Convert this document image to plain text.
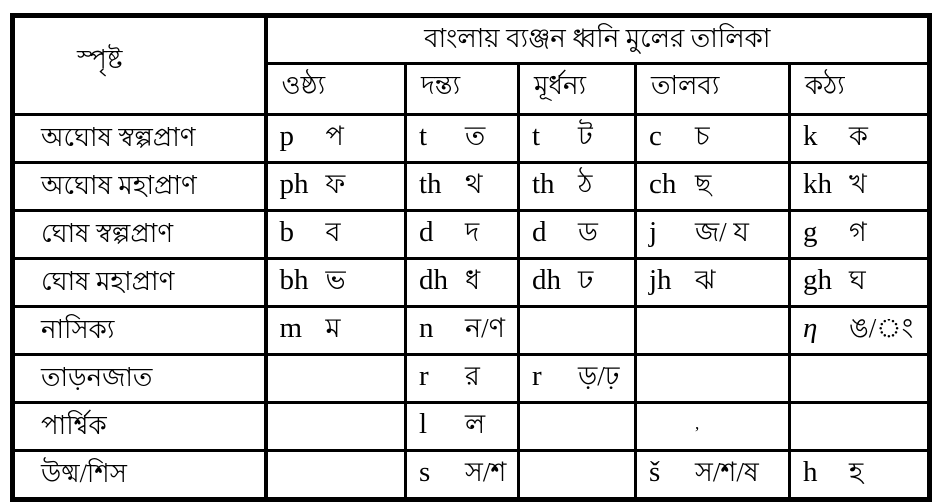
স্পৃষ্ট	বাংলায় ব্যঞ্জন ধ্বনি মুলের তালিকা				
	ওষ্ঠ্য	দন্ত্য	মূর্ধন্য	তালব্য	কঠ্য
অঘোষ স্বল্পপ্রাণ	p প	t ত	t ট	c চ	k ক
অঘোষ মহাপ্রাণ	ph ফ	th থ	th ঠ	ch ছ	kh খ
ঘোষ স্বল্পপ্রাণ	b ব	d দ	d ড	j জ/ য	g গ
ঘোষ মহাপ্রাণ	bh ভ	dh ধ	dh ঢ	jh ঝ	gh ঘ
নাসিক্য	m ম	n ন/ণ			η ঙ/◌ং
তাড়নজাত		r র	r ড়/ঢ়		
পার্শ্বিক		l ল		,	
উষ্ম/শিস		s স/শ		š স/শ/ষ	h হ
